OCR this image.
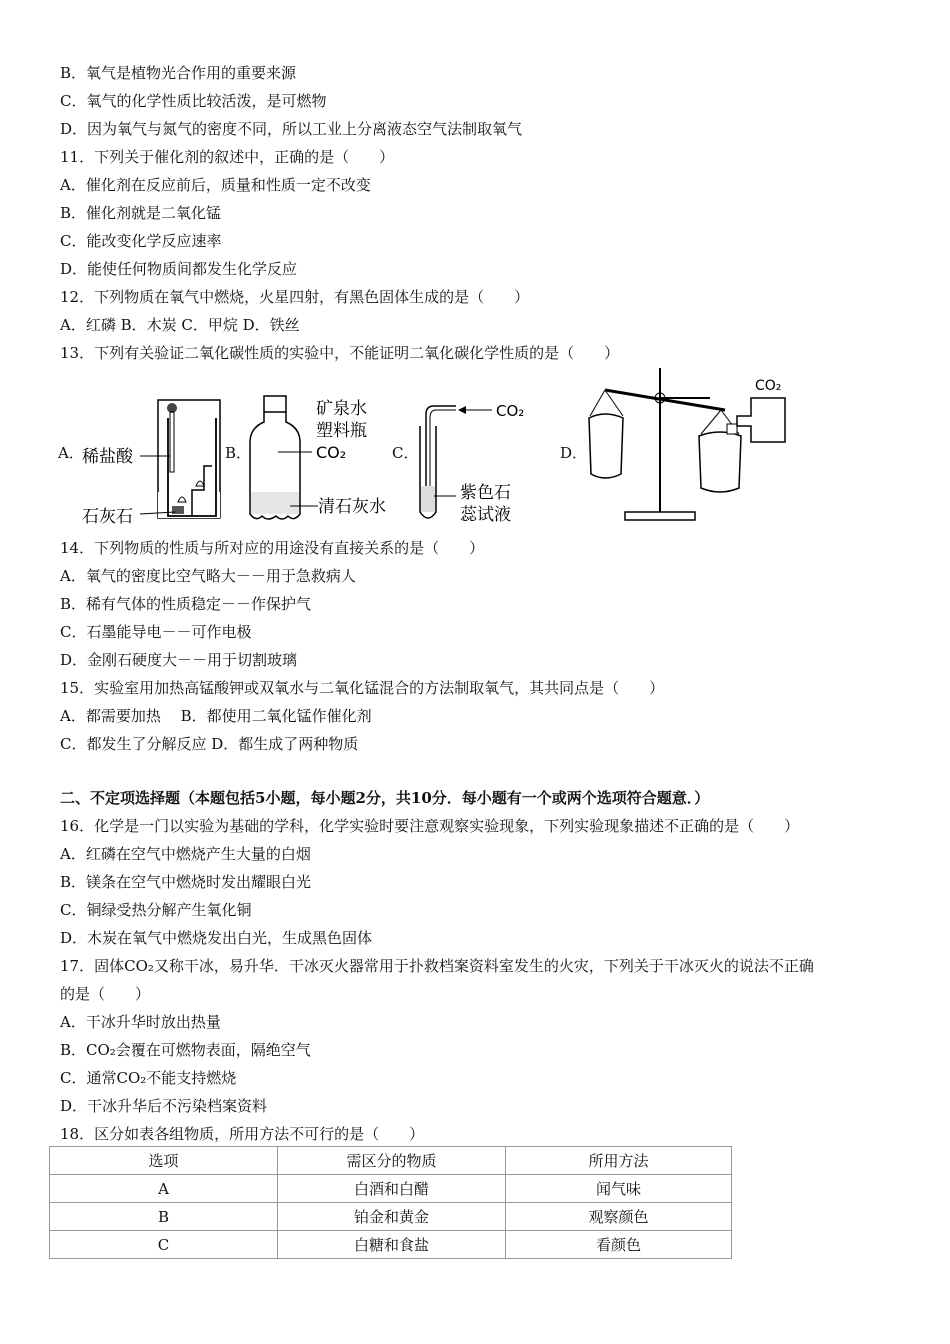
B．氧气是植物光合作用的重要来源
C．氧气的化学性质比较活泼，是可燃物
D．因为氧气与氮气的密度不同，所以工业上分离液态空气法制取氧气
11．下列关于催化剂的叙述中，正确的是（　　）
A．催化剂在反应前后，质量和性质一定不改变
B．催化剂就是二氧化锰
C．能改变化学反应速率
D．能使任何物质间都发生化学反应
12．下列物质在氧气中燃烧，火星四射，有黑色固体生成的是（　　）
A．红磷 B．木炭 C．甲烷 D．铁丝
13．下列有关验证二氧化碳性质的实验中，不能证明二氧化碳化学性质的是（　　）
A．	B．	C．	D．
稀盐酸
石灰石
矿泉水
塑料瓶
CO₂
清石灰水
CO₂
紫色石
蕊试液
CO₂
14．下列物质的性质与所对应的用途没有直接关系的是（　　）
A．氧气的密度比空气略大－－用于急救病人
B．稀有气体的性质稳定－－作保护气
C．石墨能导电－－可作电极
D．金刚石硬度大－－用于切割玻璃
15．实验室用加热高锰酸钾或双氧水与二氧化锰混合的方法制取氧气，其共同点是（　　）
A．都需要加热　 B．都使用二氧化锰作催化剂
C．都发生了分解反应 D．都生成了两种物质
二、不定项选择题（本题包括5小题，每小题2分，共10分．每小题有一个或两个选项符合题意．）
16．化学是一门以实验为基础的学科，化学实验时要注意观察实验现象，下列实验现象描述不正确的是（　　）
A．红磷在空气中燃烧产生大量的白烟
B．镁条在空气中燃烧时发出耀眼白光
C．铜绿受热分解产生氧化铜
D．木炭在氧气中燃烧发出白光，生成黑色固体
17．固体CO₂又称干冰，易升华．干冰灭火器常用于扑救档案资料室发生的火灾，下列关于干冰灭火的说法不正确
的是（　　）
A．干冰升华时放出热量
B．CO₂会覆在可燃物表面，隔绝空气
C．通常CO₂不能支持燃烧
D．干冰升华后不污染档案资料
18．区分如表各组物质，所用方法不可行的是（　　）
选项	需区分的物质	所用方法
A	白酒和白醋	闻气味
B	铂金和黄金	观察颜色
C	白糖和食盐	看颜色
